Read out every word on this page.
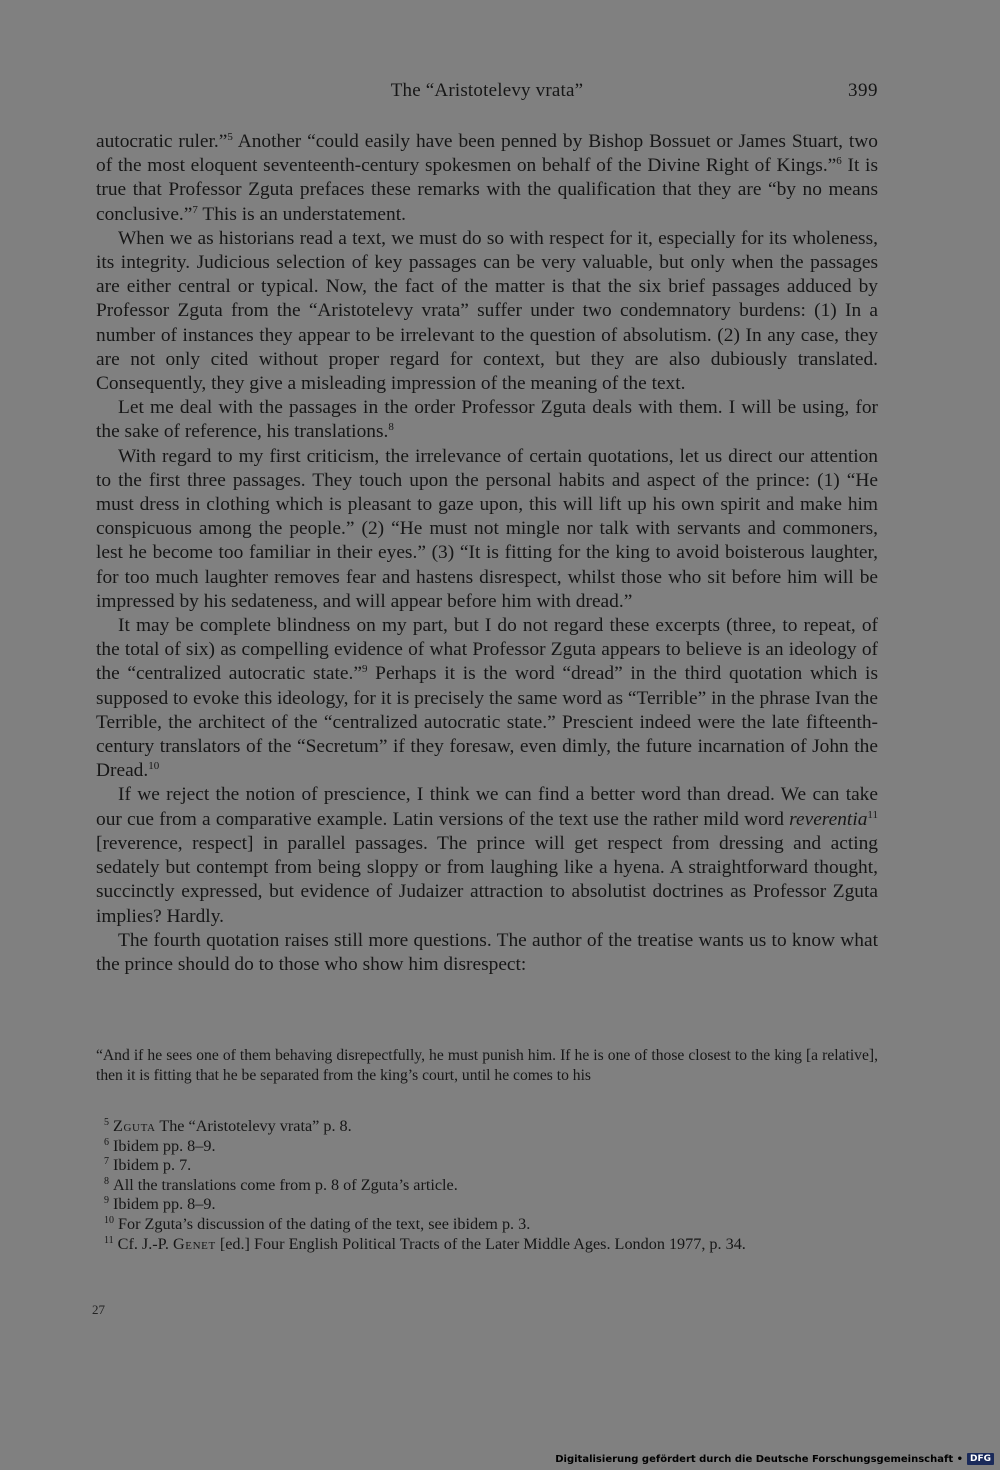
The “Aristotelevy vrata”	399

autocratic ruler.”$^5$ Another “could easily have been penned by Bishop Bossuet or James Stuart, two of the most eloquent seventeenth-century spokesmen on behalf of the Divine Right of Kings.”$^6$ It is true that Professor Zguta prefaces these remarks with the qualification that they are “by no means conclusive.”$^7$ This is an understatement.

When we as historians read a text, we must do so with respect for it, especially for its wholeness, its integrity. Judicious selection of key passages can be very valuable, but only when the passages are either central or typical. Now, the fact of the matter is that the six brief passages adduced by Professor Zguta from the “Aristotelevy vrata” suffer under two condemnatory burdens: (1) In a number of instances they appear to be irrelevant to the question of absolutism. (2) In any case, they are not only cited without proper regard for context, but they are also dubiously translated. Consequently, they give a misleading impression of the meaning of the text.

Let me deal with the passages in the order Professor Zguta deals with them. I will be using, for the sake of reference, his translations.$^8$

With regard to my first criticism, the irrelevance of certain quotations, let us direct our attention to the first three passages. They touch upon the personal habits and aspect of the prince: (1) “He must dress in clothing which is pleasant to gaze upon, this will lift up his own spirit and make him conspicuous among the people.” (2) “He must not mingle nor talk with servants and commoners, lest he become too familiar in their eyes.” (3) “It is fitting for the king to avoid boisterous laughter, for too much laughter removes fear and hastens disrespect, whilst those who sit before him will be impressed by his sedateness, and will appear before him with dread.”

It may be complete blindness on my part, but I do not regard these excerpts (three, to repeat, of the total of six) as compelling evidence of what Professor Zguta appears to believe is an ideology of the “centralized autocratic state.”$^9$ Perhaps it is the word “dread” in the third quotation which is supposed to evoke this ideology, for it is precisely the same word as “Terrible” in the phrase Ivan the Terrible, the architect of the “centralized autocratic state.” Prescient indeed were the late fifteenth-century translators of the “Secretum” if they foresaw, even dimly, the future incarnation of John the Dread.$^{10}$

If we reject the notion of prescience, I think we can find a better word than dread. We can take our cue from a comparative example. Latin versions of the text use the rather mild word reverentia$^{11}$ [reverence, respect] in parallel passages. The prince will get respect from dressing and acting sedately but contempt from being sloppy or from laughing like a hyena. A straightforward thought, succinctly expressed, but evidence of Judaizer attraction to absolutist doctrines as Professor Zguta implies? Hardly.

The fourth quotation raises still more questions. The author of the treatise wants us to know what the prince should do to those who show him disrespect:

“And if he sees one of them behaving disrepectfully, he must punish him. If he is one of those closest to the king [a relative], then it is fitting that he be separated from the king’s court, until he comes to his
$^5$ Zguta The “Aristotelevy vrata” p. 8.
$^6$ Ibidem pp. 8–9.
$^7$ Ibidem p. 7.
$^8$ All the translations come from p. 8 of Zguta’s article.
$^9$ Ibidem pp. 8–9.
$^{10}$ For Zguta’s discussion of the dating of the text, see ibidem p. 3.
$^{11}$ Cf. J.-P. Genet [ed.] Four English Political Tracts of the Later Middle Ages. London 1977, p. 34.
27
Digitalisierung gefördert durch die Deutsche Forschungsgemeinschaft • DFG
